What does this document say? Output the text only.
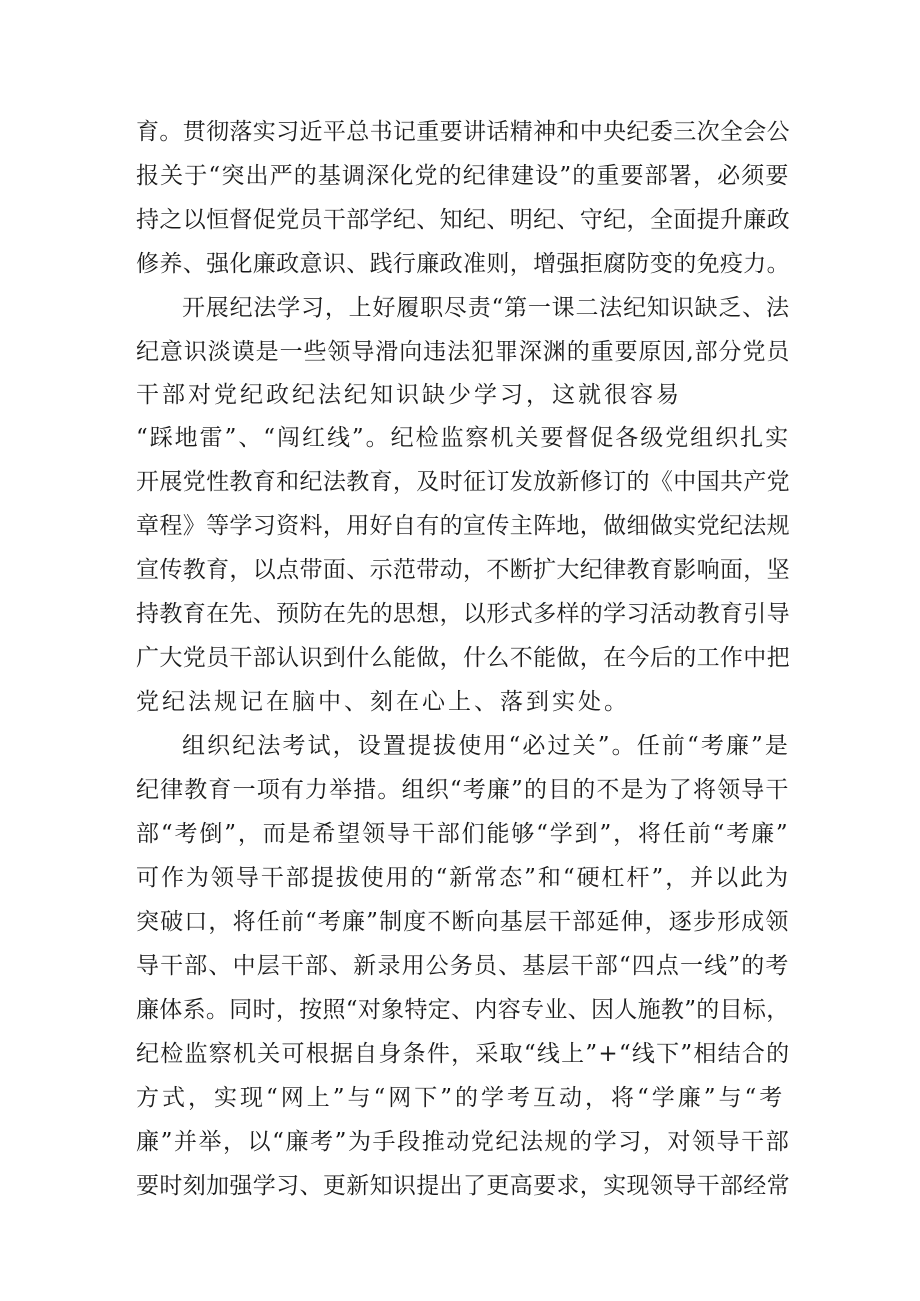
育。贯彻落实习近平总书记重要讲话精神和中央纪委三次全会公
报关于“突出严的基调深化党的纪律建设”的重要部署，必须要
持之以恒督促党员干部学纪、知纪、明纪、守纪，全面提升廉政
修养、强化廉政意识、践行廉政准则，增强拒腐防变的免疫力。
开展纪法学习，上好履职尽责“第一课二法纪知识缺乏、法
纪意识淡谟是一些领导滑向违法犯罪深渊的重要原因,部分党员
干部对党纪政纪法纪知识缺少学习，这就很容易
“踩地雷”、“闯红线”。纪检监察机关要督促各级党组织扎实
开展党性教育和纪法教育，及时征订发放新修订的《中国共产党
章程》等学习资料，用好自有的宣传主阵地，做细做实党纪法规
宣传教育，以点带面、示范带动，不断扩大纪律教育影响面，坚
持教育在先、预防在先的思想，以形式多样的学习活动教育引导
广大党员干部认识到什么能做，什么不能做，在今后的工作中把
党纪法规记在脑中、刻在心上、落到实处。
组织纪法考试，设置提拔使用“必过关”。任前“考廉”是
纪律教育一项有力举措。组织“考廉”的目的不是为了将领导干
部“考倒”，而是希望领导干部们能够“学到”，将任前“考廉”
可作为领导干部提拔使用的“新常态”和“硬杠杆”，并以此为
突破口，将任前“考廉”制度不断向基层干部延伸，逐步形成领
导干部、中层干部、新录用公务员、基层干部“四点一线”的考
廉体系。同时，按照“对象特定、内容专业、因人施教”的目标，
纪检监察机关可根据自身条件，采取“线上”+“线下”相结合的
方式，实现“网上”与“网下”的学考互动，将“学廉”与“考
廉”并举，以“廉考”为手段推动党纪法规的学习，对领导干部
要时刻加强学习、更新知识提出了更高要求，实现领导干部经常
